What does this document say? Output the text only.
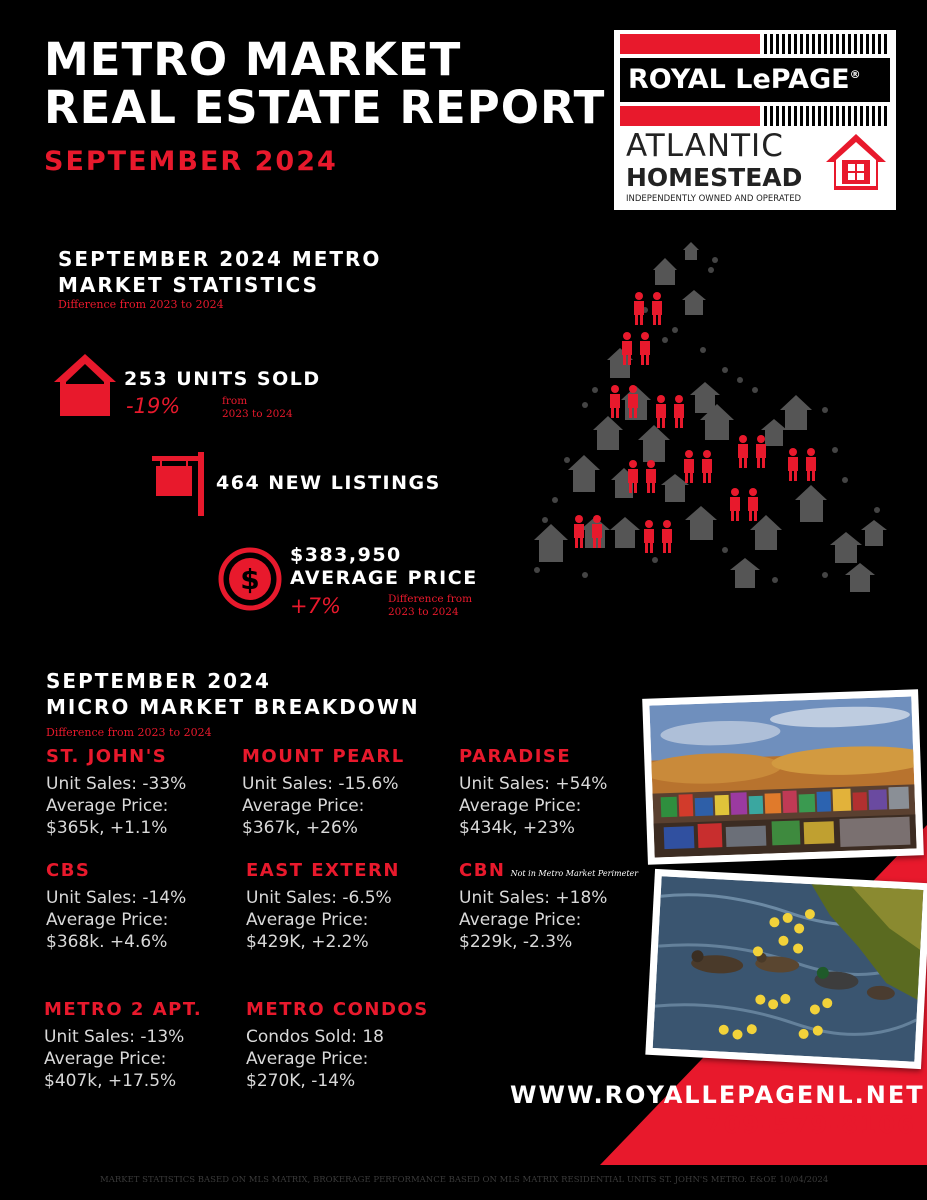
METRO MARKET
REAL ESTATE REPORT
SEPTEMBER 2024
ROYAL LePAGE®
ATLANTIC
HOMESTEAD
INDEPENDENTLY OWNED AND OPERATED
SEPTEMBER 2024 METRO
MARKET STATISTICS
Difference from 2023 to 2024
253 UNITS SOLD
-19%	from
2023 to 2024
464 NEW LISTINGS
$
$383,950
AVERAGE PRICE
+7%	Difference from
2023 to 2024
SEPTEMBER 2024
MICRO MARKET BREAKDOWN
Difference from 2023 to 2024
ST. JOHN'S
Unit Sales: -33%
Average Price:
$365k, +1.1%
MOUNT PEARL
Unit Sales: -15.6%
Average Price:
$367k, +26%
PARADISE
Unit Sales: +54%
Average Price:
$434k, +23%
CBS
Unit Sales: -14%
Average Price:
$368k. +4.6%
EAST EXTERN
Unit Sales: -6.5%
Average Price:
$429K, +2.2%
CBN Not in Metro Market Perimeter
Unit Sales: +18%
Average Price:
$229k, -2.3%
METRO 2 APT.
Unit Sales: -13%
Average Price:
$407k, +17.5%
METRO CONDOS
Condos Sold: 18
Average Price:
$270K, -14%	WWW.ROYALLEPAGENL.NET
709-579-8106
MARKET STATISTICS BASED ON MLS MATRIX, BROKERAGE PERFORMANCE BASED ON MLS MATRIX RESIDENTIAL UNITS ST. JOHN'S METRO. E&OE 10/04/2024
